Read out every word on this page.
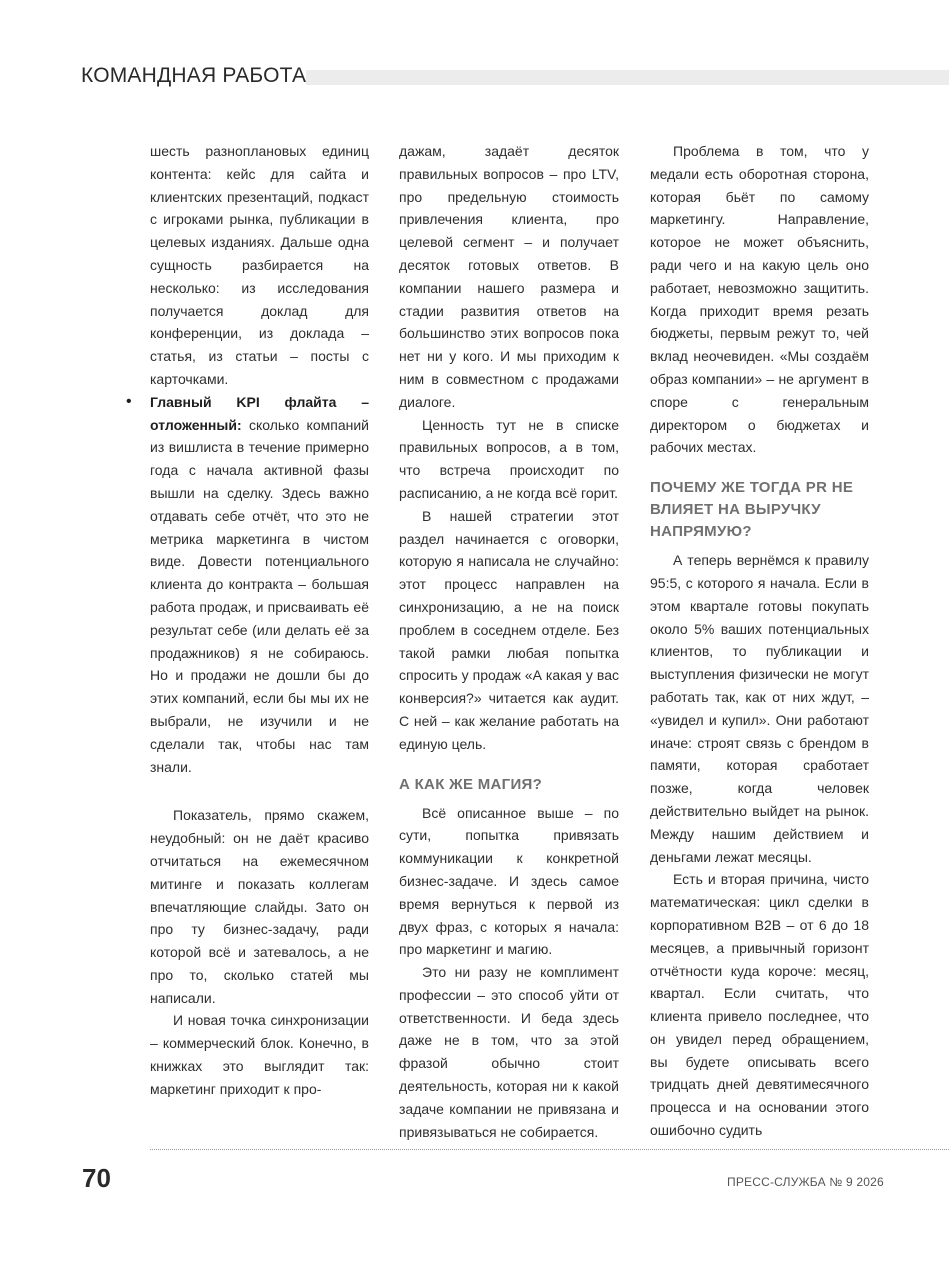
КОМАНДНАЯ РАБОТА

шесть разноплановых единиц контента: кейс для сайта и клиентских презентаций, подкаст с игроками рынка, публикации в целевых изданиях. Дальше одна сущность разбирается на несколько: из исследования получается доклад для конференции, из доклада – статья, из статьи – посты с карточками.

• Главный KPI флайта – отложенный: сколько компаний из вишлиста в течение примерно года с начала активной фазы вышли на сделку. Здесь важно отдавать себе отчёт, что это не метрика маркетинга в чистом виде. Довести потенциального клиента до контракта – большая работа продаж, и присваивать её результат себе (или делать её за продажников) я не собираюсь. Но и продажи не дошли бы до этих компаний, если бы мы их не выбрали, не изучили и не сделали так, чтобы нас там знали.

Показатель, прямо скажем, неудобный: он не даёт красиво отчитаться на ежемесячном митинге и показать коллегам впечатляющие слайды. Зато он про ту бизнес-задачу, ради которой всё и затевалось, а не про то, сколько статей мы написали.

И новая точка синхронизации – коммерческий блок. Конечно, в книжках это выглядит так: маркетинг приходит к про-

дажам, задаёт десяток правильных вопросов – про LTV, про предельную стоимость привлечения клиента, про целевой сегмент – и получает десяток готовых ответов. В компании нашего размера и стадии развития ответов на большинство этих вопросов пока нет ни у кого. И мы приходим к ним в совместном с продажами диалоге.

Ценность тут не в списке правильных вопросов, а в том, что встреча происходит по расписанию, а не когда всё горит.

В нашей стратегии этот раздел начинается с оговорки, которую я написала не случайно: этот процесс направлен на синхронизацию, а не на поиск проблем в соседнем отделе. Без такой рамки любая попытка спросить у продаж «А какая у вас конверсия?» читается как аудит. С ней – как желание работать на единую цель.

А КАК ЖЕ МАГИЯ?

Всё описанное выше – по сути, попытка привязать коммуникации к конкретной бизнес-задаче. И здесь самое время вернуться к первой из двух фраз, с которых я начала: про маркетинг и магию.

Это ни разу не комплимент профессии – это способ уйти от ответственности. И беда здесь даже не в том, что за этой фразой обычно стоит деятельность, которая ни к какой задаче компании не привязана и привязываться не собирается.

Проблема в том, что у медали есть оборотная сторона, которая бьёт по самому маркетингу. Направление, которое не может объяснить, ради чего и на какую цель оно работает, невозможно защитить. Когда приходит время резать бюджеты, первым режут то, чей вклад неочевиден. «Мы создаём образ компании» – не аргумент в споре с генеральным директором о бюджетах и рабочих местах.

ПОЧЕМУ ЖЕ ТОГДА PR НЕ ВЛИЯЕТ НА ВЫРУЧКУ НАПРЯМУЮ?

А теперь вернёмся к правилу 95:5, с которого я начала. Если в этом квартале готовы покупать около 5% ваших потенциальных клиентов, то публикации и выступления физически не могут работать так, как от них ждут, – «увидел и купил». Они работают иначе: строят связь с брендом в памяти, которая сработает позже, когда человек действительно выйдет на рынок. Между нашим действием и деньгами лежат месяцы.

Есть и вторая причина, чисто математическая: цикл сделки в корпоративном B2B – от 6 до 18 месяцев, а привычный горизонт отчётности куда короче: месяц, квартал. Если считать, что клиента привело последнее, что он увидел перед обращением, вы будете описывать всего тридцать дней девятимесячного процесса и на основании этого ошибочно судить

70	ПРЕСС-СЛУЖБА № 9 2026
